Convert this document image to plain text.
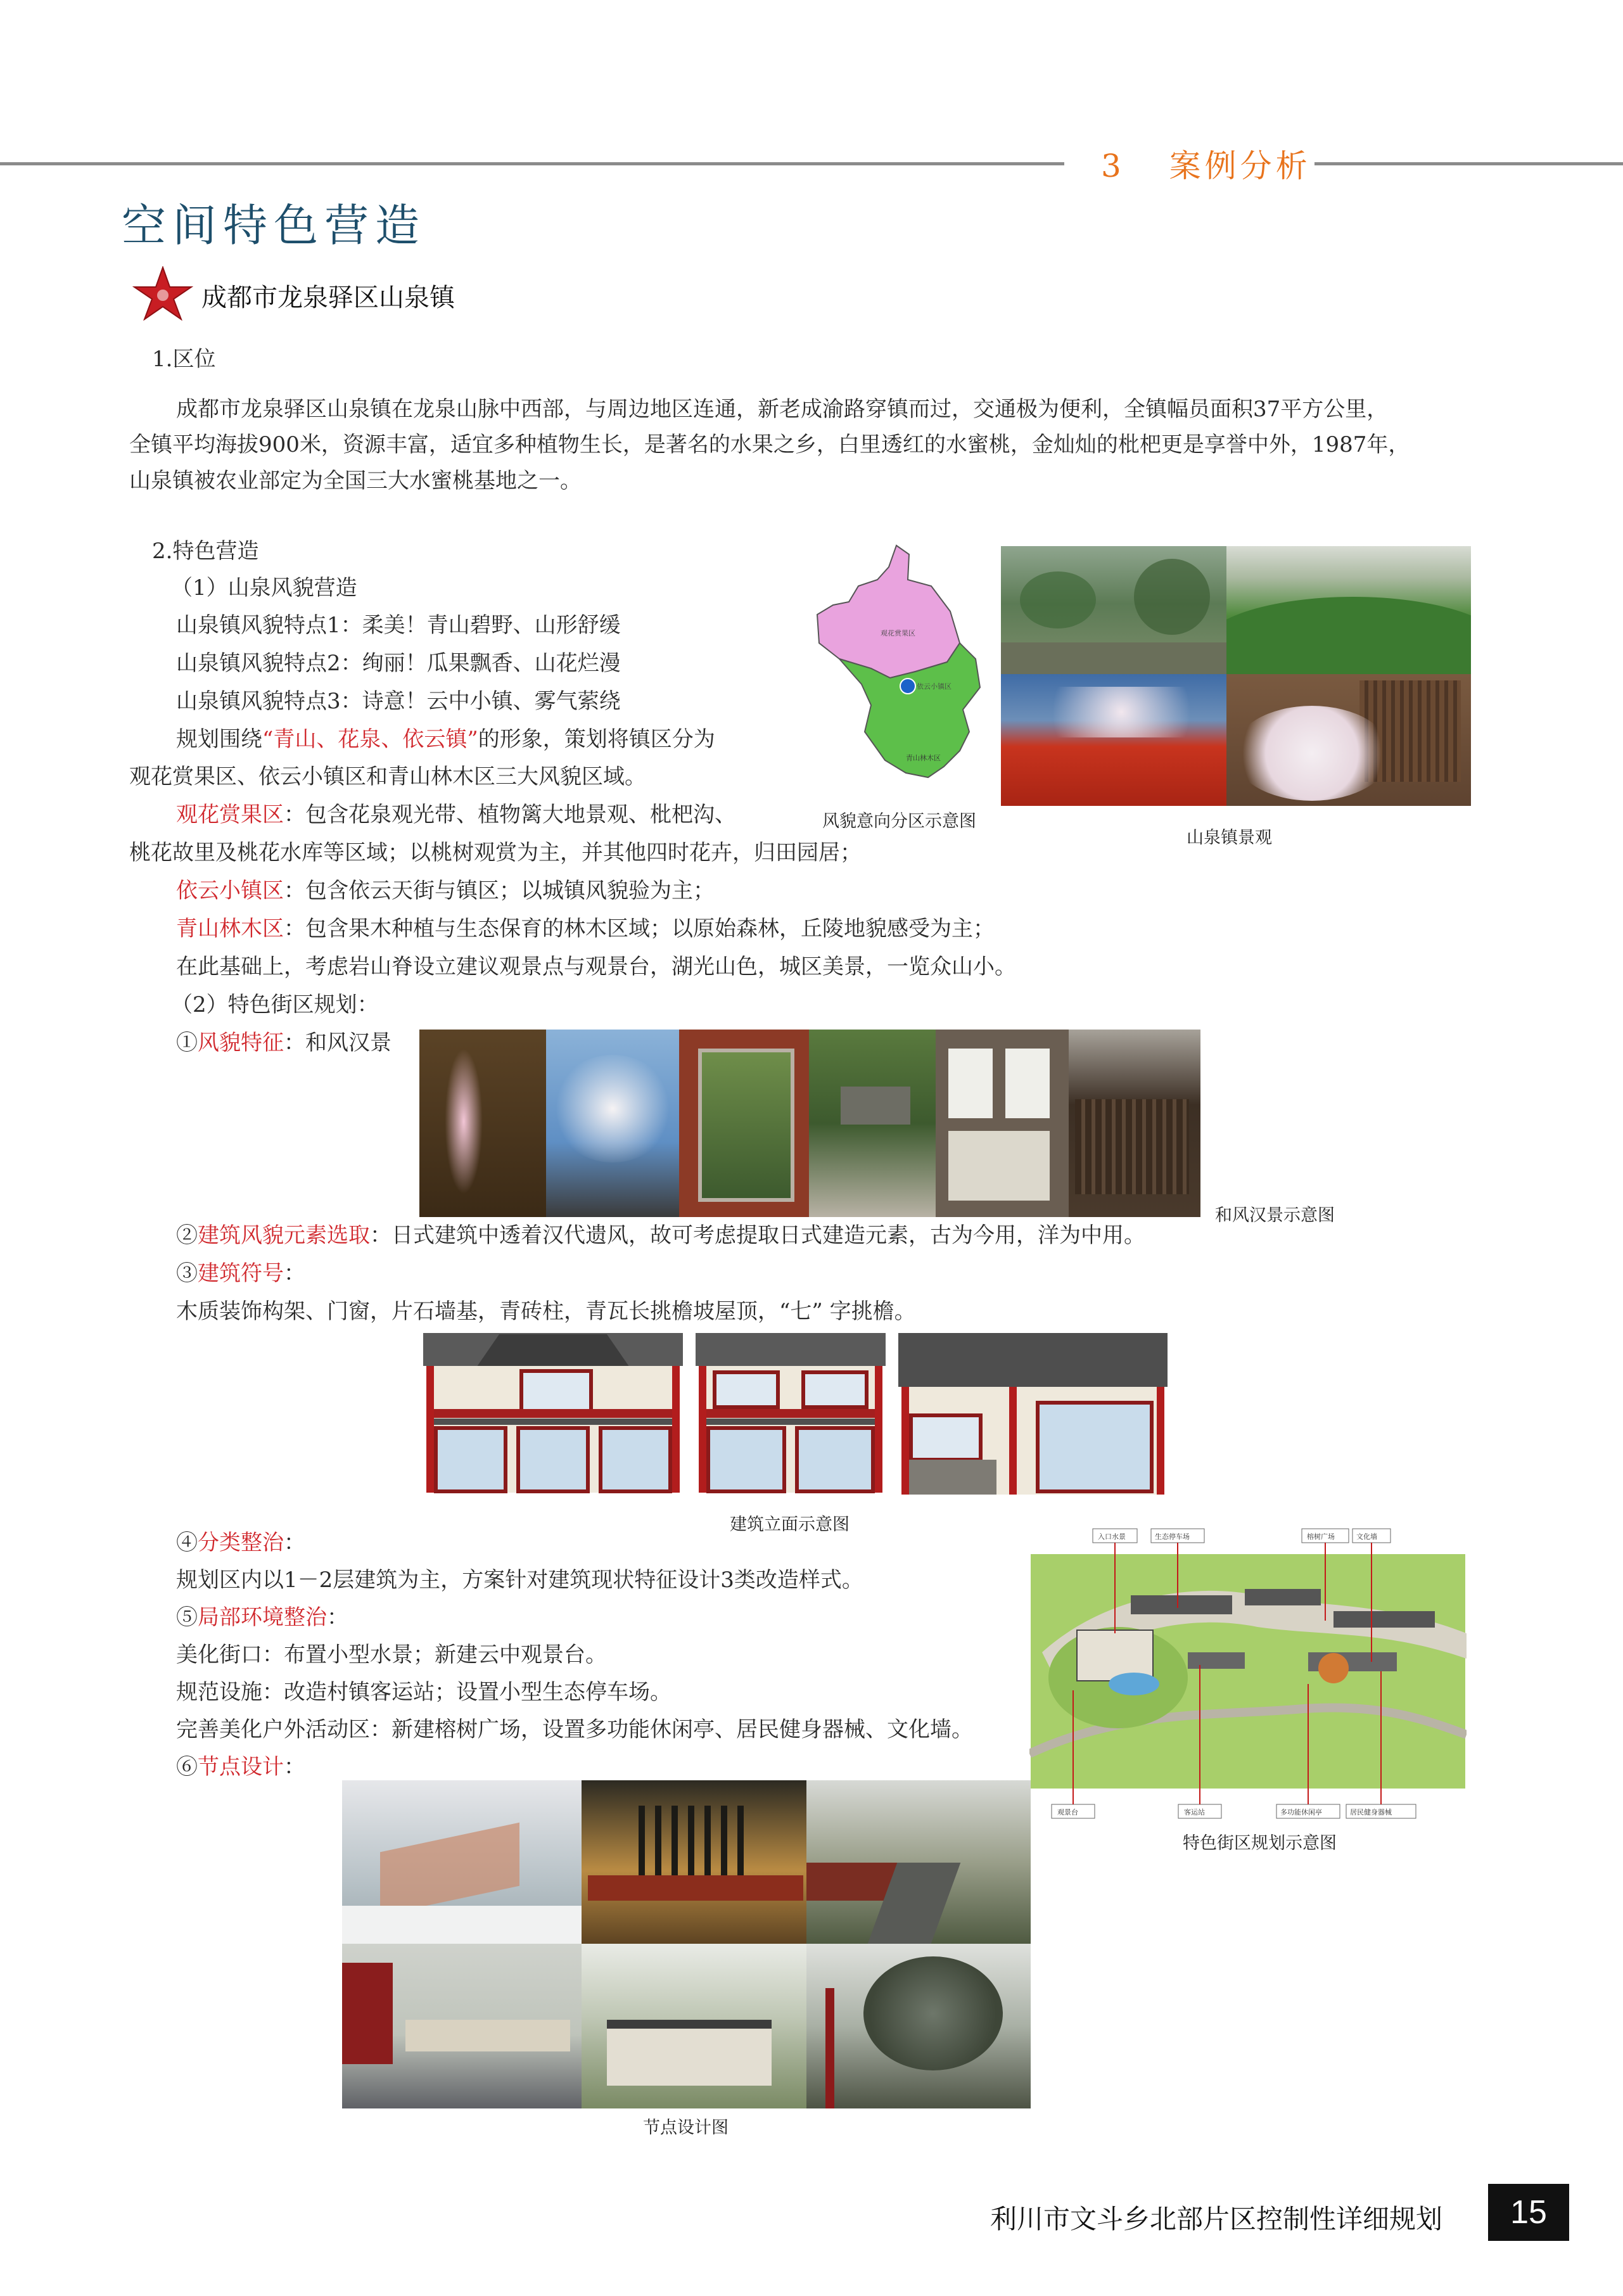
3 案例分析
空间特色营造
成都市龙泉驿区山泉镇
1.区位
成都市龙泉驿区山泉镇在龙泉山脉中西部，与周边地区连通，新老成渝路穿镇而过，交通极为便利，全镇幅员面积37平方公里，
全镇平均海拔900米，资源丰富，适宜多种植物生长，是著名的水果之乡，白里透红的水蜜桃，金灿灿的枇杷更是享誉中外，1987年，
山泉镇被农业部定为全国三大水蜜桃基地之一。
2.特色营造
（1）山泉风貌营造
山泉镇风貌特点1：柔美！青山碧野、山形舒缓
山泉镇风貌特点2：绚丽！瓜果飘香、山花烂漫
山泉镇风貌特点3：诗意！云中小镇、雾气萦绕
规划围绕“青山、花泉、依云镇”的形象，策划将镇区分为
观花赏果区、依云小镇区和青山林木区三大风貌区域。
观花赏果区：包含花泉观光带、植物篱大地景观、枇杷沟、
桃花故里及桃花水库等区域；以桃树观赏为主，并其他四时花卉，归田园居；
依云小镇区：包含依云天街与镇区；以城镇风貌验为主；
青山林木区：包含果木种植与生态保育的林木区域；以原始森林，丘陵地貌感受为主；
在此基础上，考虑岩山脊设立建议观景点与观景台，湖光山色，城区美景，一览众山小。
（2）特色街区规划：
①风貌特征：和风汉景
②建筑风貌元素选取：日式建筑中透着汉代遗风，故可考虑提取日式建造元素，古为今用，洋为中用。
③建筑符号：
木质装饰构架、门窗，片石墙基，青砖柱，青瓦长挑檐坡屋顶，“七” 字挑檐。
④分类整治：
规划区内以1－2层建筑为主，方案针对建筑现状特征设计3类改造样式。
⑤局部环境整治：
美化街口：布置小型水景；新建云中观景台。
规范设施：改造村镇客运站；设置小型生态停车场。
完善美化户外活动区：新建榕树广场，设置多功能休闲亭、居民健身器械、文化墙。
⑥节点设计：
观花赏果区
依云小镇区
青山林木区
风貌意向分区示意图
山泉镇景观
和风汉景示意图
建筑立面示意图
入口水景	生态停车场	榕树广场	文化墙
观景台	客运站	多功能休闲亭	居民健身器械
特色街区规划示意图
节点设计图
利川市文斗乡北部片区控制性详细规划	15
